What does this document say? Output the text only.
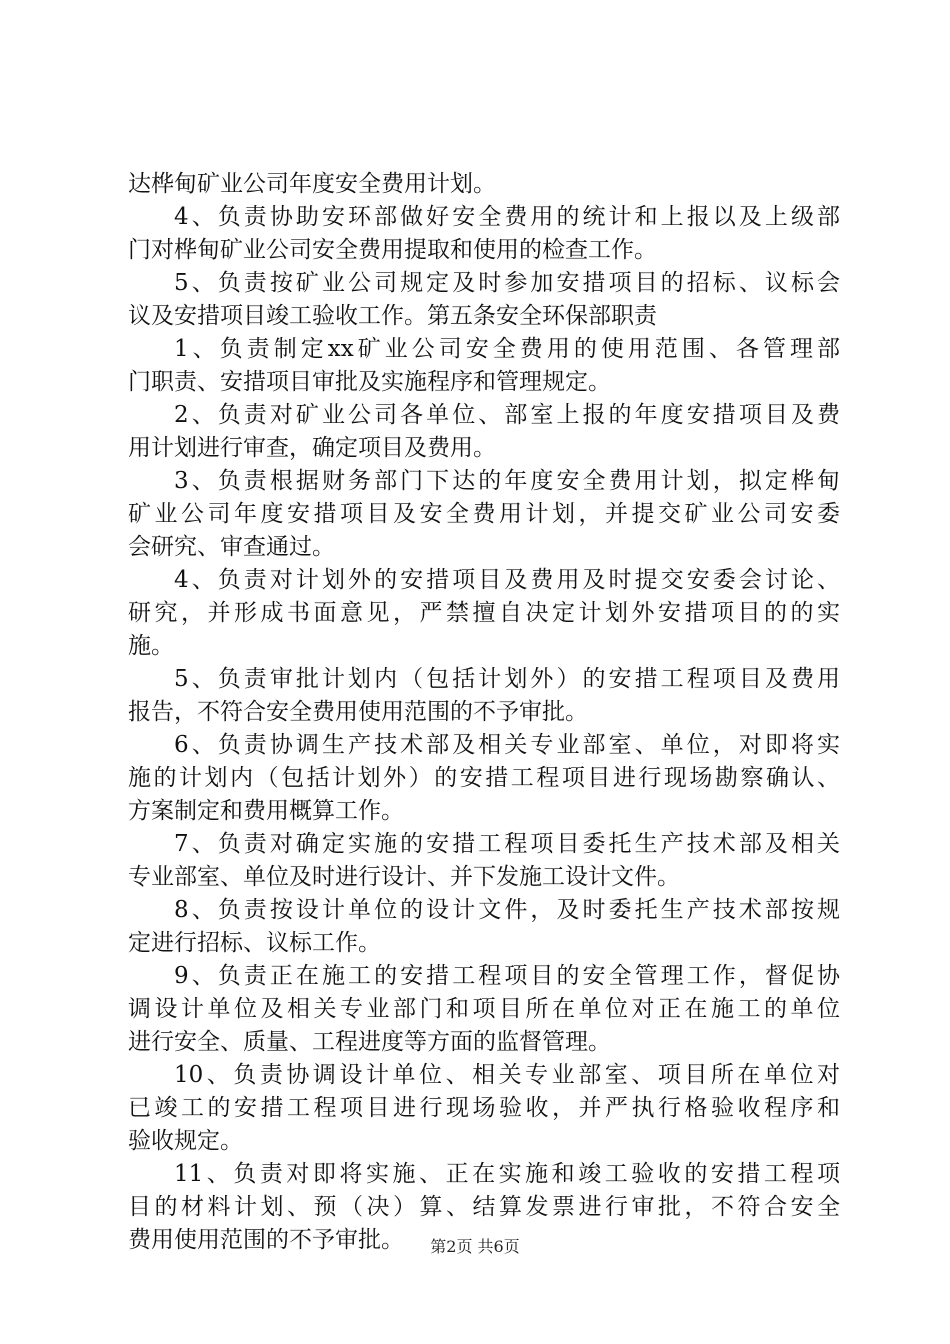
达桦甸矿业公司年度安全费用计划。
4、负责协助安环部做好安全费用的统计和上报以及上级部
门对桦甸矿业公司安全费用提取和使用的检查工作。
5、负责按矿业公司规定及时参加安措项目的招标、议标会
议及安措项目竣工验收工作。第五条安全环保部职责
1、负责制定xx矿业公司安全费用的使用范围、各管理部
门职责、安措项目审批及实施程序和管理规定。
2、负责对矿业公司各单位、部室上报的年度安措项目及费
用计划进行审查，确定项目及费用。
3、负责根据财务部门下达的年度安全费用计划，拟定桦甸
矿业公司年度安措项目及安全费用计划，并提交矿业公司安委
会研究、审查通过。
4、负责对计划外的安措项目及费用及时提交安委会讨论、
研究，并形成书面意见，严禁擅自决定计划外安措项目的的实
施。
5、负责审批计划内（包括计划外）的安措工程项目及费用
报告，不符合安全费用使用范围的不予审批。
6、负责协调生产技术部及相关专业部室、单位，对即将实
施的计划内（包括计划外）的安措工程项目进行现场勘察确认、
方案制定和费用概算工作。
7、负责对确定实施的安措工程项目委托生产技术部及相关
专业部室、单位及时进行设计、并下发施工设计文件。
8、负责按设计单位的设计文件，及时委托生产技术部按规
定进行招标、议标工作。
9、负责正在施工的安措工程项目的安全管理工作，督促协
调设计单位及相关专业部门和项目所在单位对正在施工的单位
进行安全、质量、工程进度等方面的监督管理。
10、负责协调设计单位、相关专业部室、项目所在单位对
已竣工的安措工程项目进行现场验收，并严执行格验收程序和
验收规定。
11、负责对即将实施、正在实施和竣工验收的安措工程项
目的材料计划、预（决）算、结算发票进行审批，不符合安全
费用使用范围的不予审批。	第2页 共6页
